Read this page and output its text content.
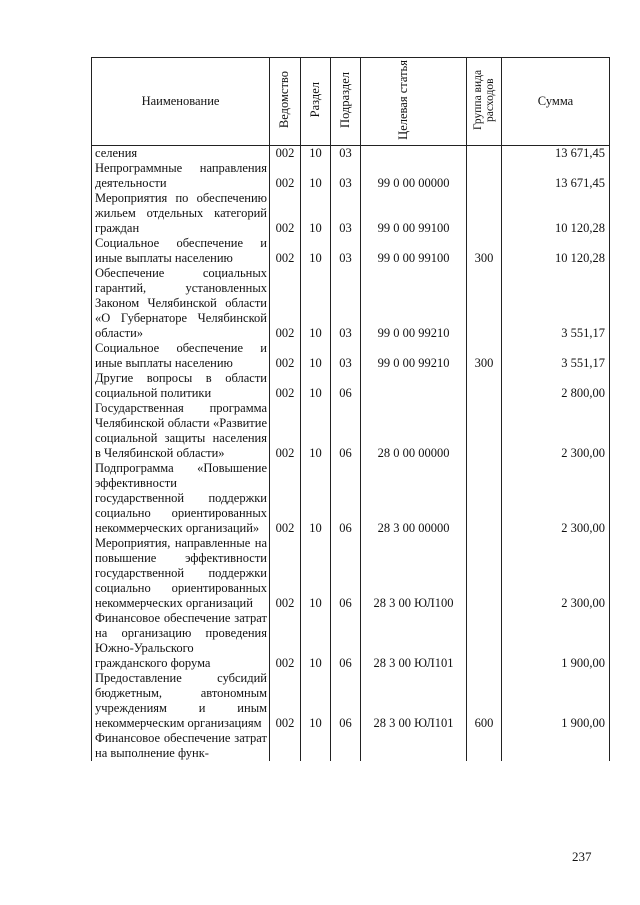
Наименование	Ведомство	Раздел	Подраздел	Целевая статья	Группа вида расходов	Сумма
селения	002	10	03			13 671,45
Непрограммные направления деятельности	002	10	03	99 0 00 00000		13 671,45
Мероприятия по обеспечению жильем отдельных категорий граждан	002	10	03	99 0 00 99100		10 120,28
Социальное обеспечение и иные выплаты населению	002	10	03	99 0 00 99100	300	10 120,28
Обеспечение социальных гарантий, установленных Законом Челябинской области «О Губернаторе Челябинской области»	002	10	03	99 0 00 99210		3 551,17
Социальное обеспечение и иные выплаты населению	002	10	03	99 0 00 99210	300	3 551,17
Другие вопросы в области социальной политики	002	10	06			2 800,00
Государственная программа Челябинской области «Развитие социальной защиты населения в Челябинской области»	002	10	06	28 0 00 00000		2 300,00
Подпрограмма «Повышение эффективности государственной поддержки социально ориентированных некоммерческих организаций»	002	10	06	28 3 00 00000		2 300,00
Мероприятия, направленные на повышение эффективности государственной поддержки социально ориентированных некоммерческих организаций	002	10	06	28 3 00 ЮЛ100		2 300,00
Финансовое обеспечение затрат на организацию проведения Южно-Уральского гражданского форума	002	10	06	28 3 00 ЮЛ101		1 900,00
Предоставление субсидий бюджетным, автономным учреждениям и иным некоммерческим организациям	002	10	06	28 3 00 ЮЛ101	600	1 900,00
Финансовое обеспечение затрат на выполнение функ-						
237
